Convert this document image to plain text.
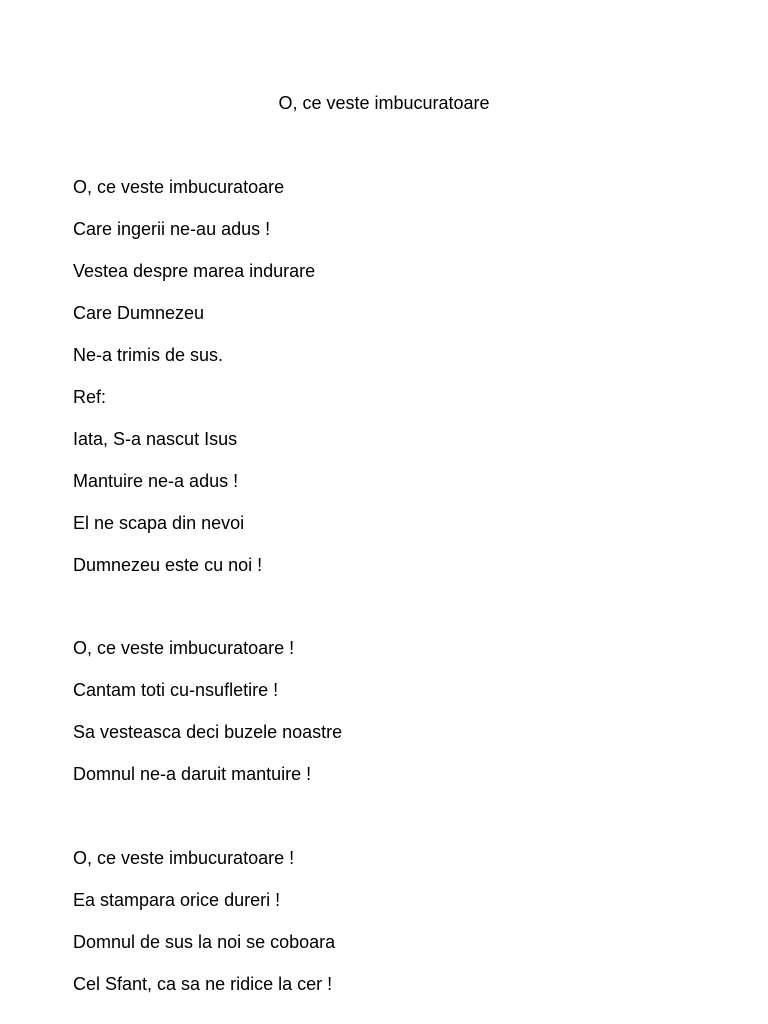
O, ce veste imbucuratoare
O, ce veste imbucuratoare
Care ingerii ne-au adus !
Vestea despre marea indurare
Care Dumnezeu
Ne-a trimis de sus.
Ref:
Iata, S-a nascut Isus
Mantuire ne-a adus !
El ne scapa din nevoi
Dumnezeu este cu noi !
O, ce veste imbucuratoare !
Cantam toti cu-nsufletire !
Sa vesteasca deci buzele noastre
Domnul ne-a daruit mantuire !
O, ce veste imbucuratoare !
Ea stampara orice dureri !
Domnul de sus la noi se coboara
Cel Sfant, ca sa ne ridice la cer !
